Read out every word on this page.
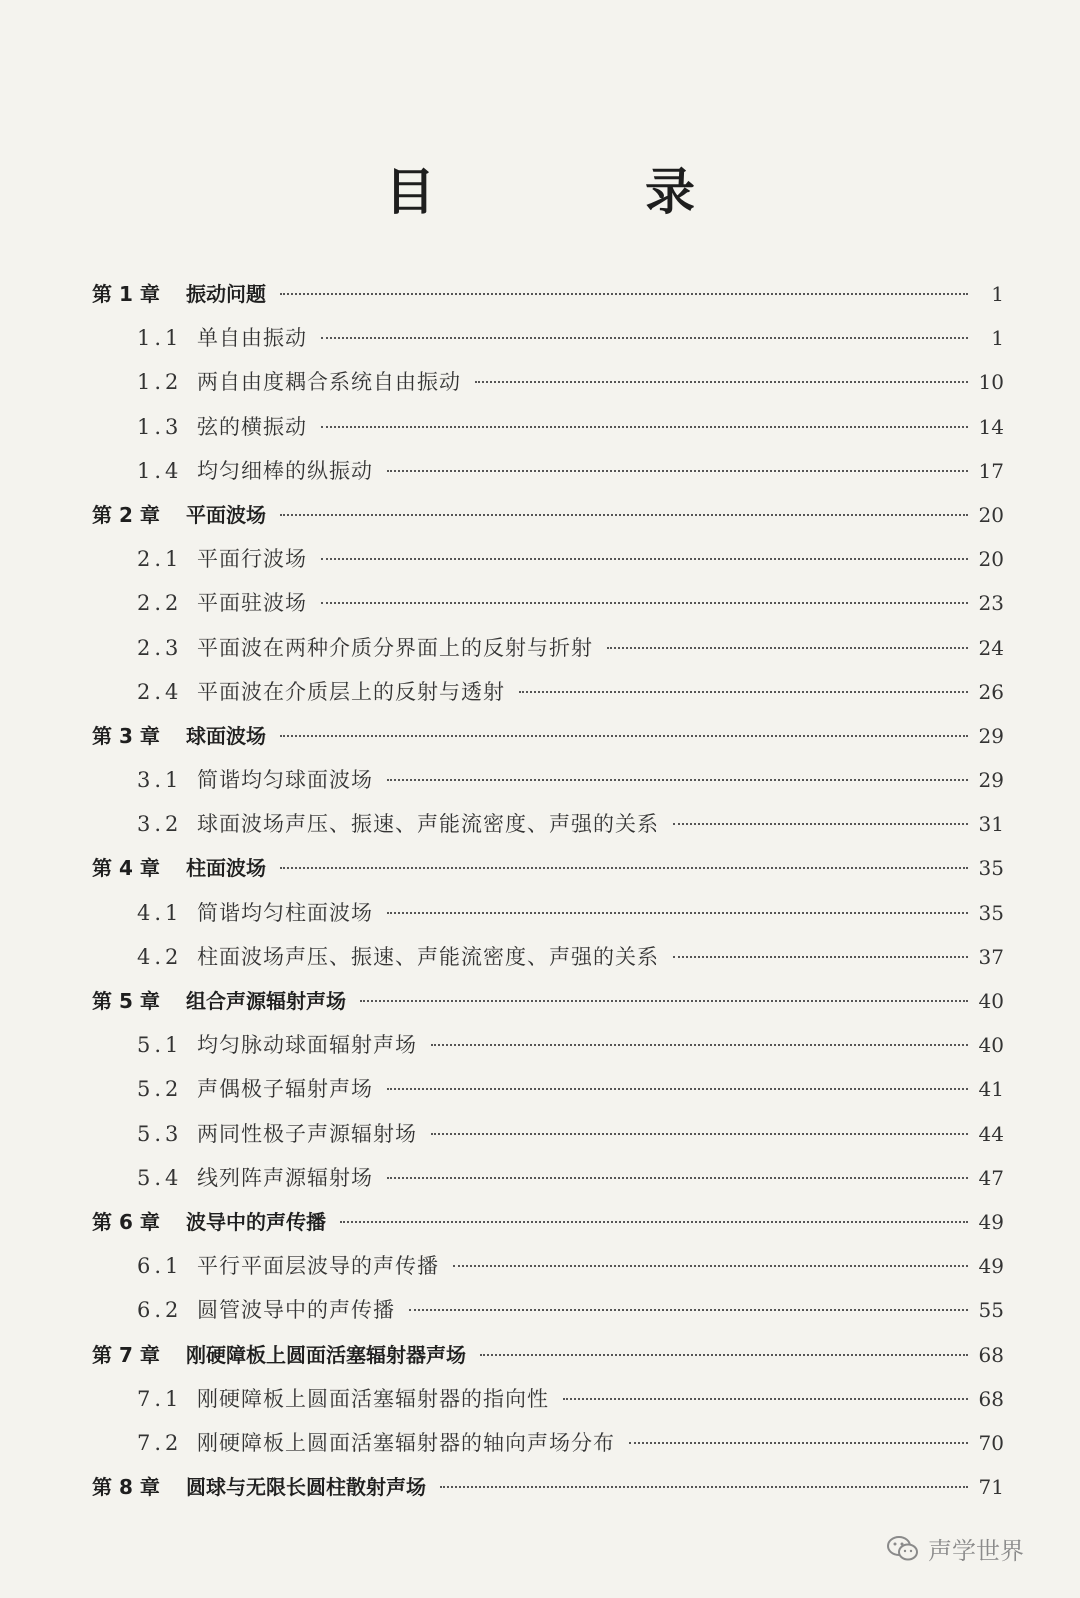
目　录
第 1 章	振动问题	1
1.1 单自由振动	1
1.2 两自由度耦合系统自由振动	10
1.3 弦的横振动	14
1.4 均匀细棒的纵振动	17
第 2 章	平面波场	20
2.1 平面行波场	20
2.2 平面驻波场	23
2.3 平面波在两种介质分界面上的反射与折射	24
2.4 平面波在介质层上的反射与透射	26
第 3 章	球面波场	29
3.1 简谐均匀球面波场	29
3.2 球面波场声压、振速、声能流密度、声强的关系	31
第 4 章	柱面波场	35
4.1 简谐均匀柱面波场	35
4.2 柱面波场声压、振速、声能流密度、声强的关系	37
第 5 章	组合声源辐射声场	40
5.1 均匀脉动球面辐射声场	40
5.2 声偶极子辐射声场	41
5.3 两同性极子声源辐射场	44
5.4 线列阵声源辐射场	47
第 6 章	波导中的声传播	49
6.1 平行平面层波导的声传播	49
6.2 圆管波导中的声传播	55
第 7 章	刚硬障板上圆面活塞辐射器声场	68
7.1 刚硬障板上圆面活塞辐射器的指向性	68
7.2 刚硬障板上圆面活塞辐射器的轴向声场分布	70
第 8 章	圆球与无限长圆柱散射声场	71
声学世界
